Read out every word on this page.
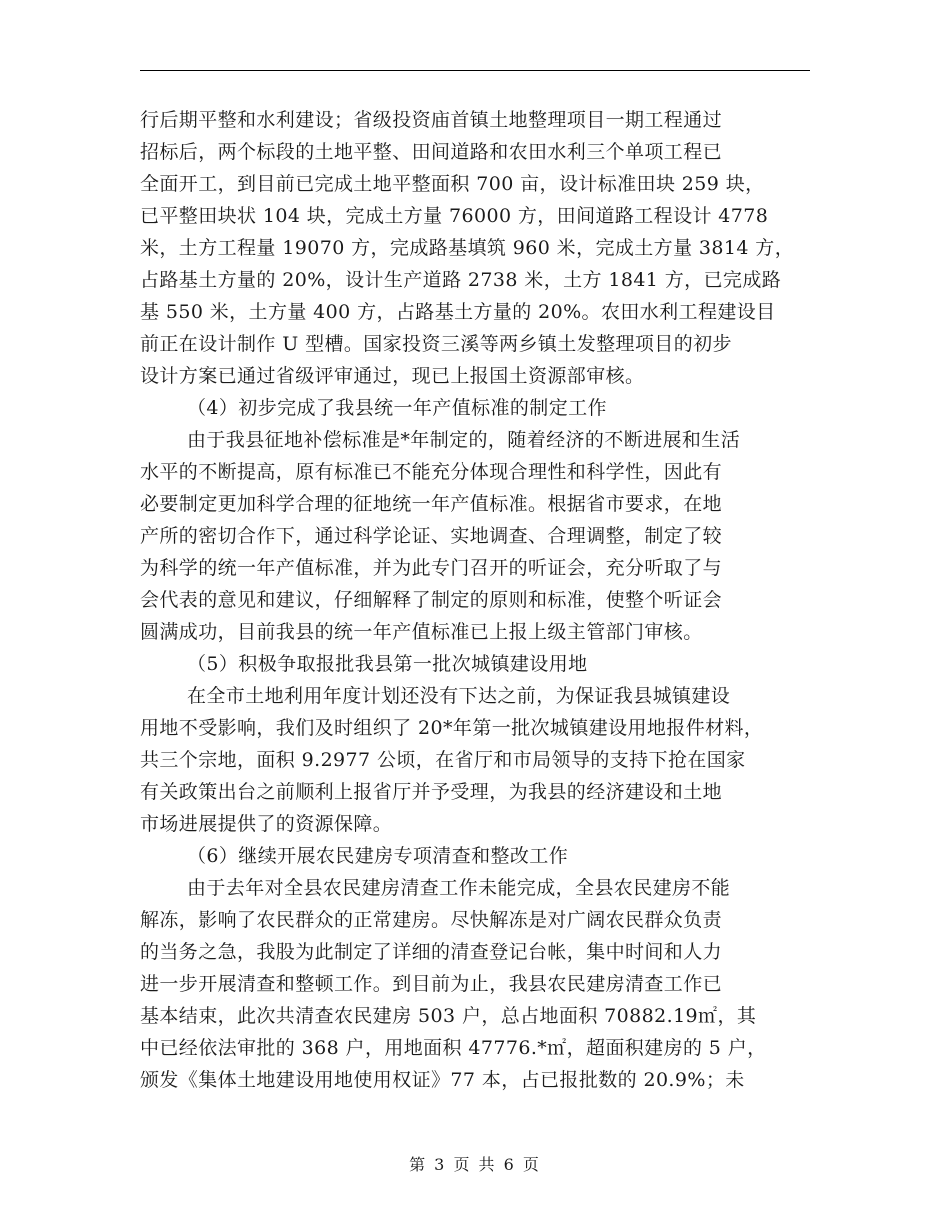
行后期平整和水利建设；省级投资庙首镇土地整理项目一期工程通过
招标后，两个标段的土地平整、田间道路和农田水利三个单项工程已
全面开工，到目前已完成土地平整面积 700 亩，设计标准田块 259 块，
已平整田块状 104 块，完成土方量 76000 方，田间道路工程设计 4778
米，土方工程量 19070 方，完成路基填筑 960 米，完成土方量 3814 方，
占路基土方量的 20%，设计生产道路 2738 米，土方 1841 方，已完成路
基 550 米，土方量 400 方，占路基土方量的 20%。农田水利工程建设目
前正在设计制作 U 型槽。国家投资三溪等两乡镇土发整理项目的初步
设计方案已通过省级评审通过，现已上报国土资源部审核。
（4）初步完成了我县统一年产值标准的制定工作
由于我县征地补偿标准是*年制定的，随着经济的不断进展和生活
水平的不断提高，原有标准已不能充分体现合理性和科学性，因此有
必要制定更加科学合理的征地统一年产值标准。根据省市要求，在地
产所的密切合作下，通过科学论证、实地调查、合理调整，制定了较
为科学的统一年产值标准，并为此专门召开的听证会，充分听取了与
会代表的意见和建议，仔细解释了制定的原则和标准，使整个听证会
圆满成功，目前我县的统一年产值标准已上报上级主管部门审核。
（5）积极争取报批我县第一批次城镇建设用地
在全市土地利用年度计划还没有下达之前，为保证我县城镇建设
用地不受影响，我们及时组织了 20*年第一批次城镇建设用地报件材料，
共三个宗地，面积 9.2977 公顷，在省厅和市局领导的支持下抢在国家
有关政策出台之前顺利上报省厅并予受理，为我县的经济建设和土地
市场进展提供了的资源保障。
（6）继续开展农民建房专项清查和整改工作
由于去年对全县农民建房清查工作未能完成，全县农民建房不能
解冻，影响了农民群众的正常建房。尽快解冻是对广阔农民群众负责
的当务之急，我股为此制定了详细的清查登记台帐，集中时间和人力
进一步开展清查和整顿工作。到目前为止，我县农民建房清查工作已
基本结束，此次共清查农民建房 503 户，总占地面积 70882.19㎡，其
中已经依法审批的 368 户，用地面积 47776.*㎡，超面积建房的 5 户，
颁发《集体土地建设用地使用权证》77 本，占已报批数的 20.9%；未
第 3 页 共 6 页
